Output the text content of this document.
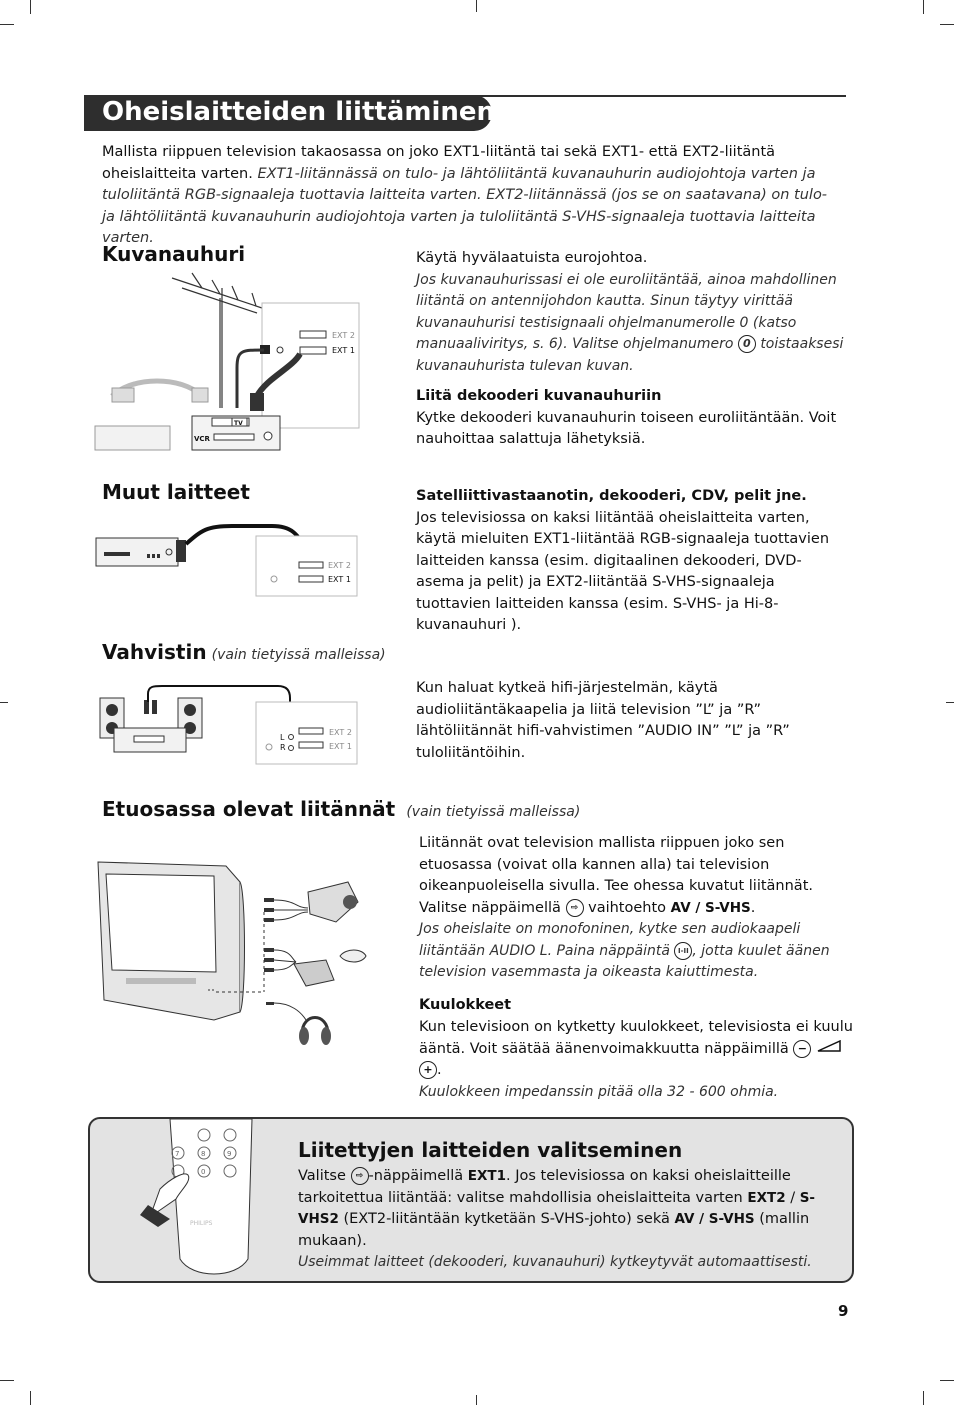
Oheislaitteiden liittäminen
Mallista riippuen television takaosassa on joko EXT1-liitäntä tai sekä EXT1- että EXT2-liitäntä oheislaitteita varten. EXT1-liitännässä on tulo- ja lähtöliitäntä kuvanauhurin audiojohtoja varten ja tuloliitäntä RGB-signaaleja tuottavia laitteita varten. EXT2-liitännässä (jos se on saatavana) on tulo- ja lähtöliitäntä kuvanauhurin audiojohtoja varten ja tuloliitäntä S-VHS-signaaleja tuottavia laitteita varten.
Kuvanauhuri
EXT 2
EXT 1
VCR
TV
Käytä hyvälaatuista eurojohtoa.
Jos kuvanauhurissasi ei ole euroliitäntää, ainoa mahdollinen liitäntä on antennijohdon kautta. Sinun täytyy virittää kuvanauhurisi testisignaali ohjelmanumerolle 0 (katso manuaaliviritys, s. 6). Valitse ohjelmanumero 0 toistaaksesi kuvanauhurista tulevan kuvan.
Liitä dekooderi kuvanauhuriin
Kytke dekooderi kuvanauhurin toiseen euroliitäntään. Voit nauhoittaa salattuja lähetyksiä.
Muut laitteet
EXT 2
EXT 1
Satelliittivastaanotin, dekooderi, CDV, pelit jne.
Jos televisiossa on kaksi liitäntää oheislaitteita varten, käytä mieluiten EXT1-liitäntää RGB-signaaleja tuottavien laitteiden kanssa (esim. digitaalinen dekooderi, DVD-asema ja pelit) ja EXT2-liitäntää S-VHS-signaaleja tuottavien laitteiden kanssa (esim. S-VHS- ja Hi-8-kuvanauhuri ).
Vahvistin (vain tietyissä malleissa)
L
R
EXT 2
EXT 1
Kun haluat kytkeä hifi-järjestelmän, käytä audioliitäntäkaapelia ja liitä television ”L” ja ”R” lähtöliitännät hifi-vahvistimen ”AUDIO IN” ”L” ja ”R” tuloliitäntöihin.
Etuosassa olevat liitännät (vain tietyissä malleissa)
Liitännät ovat television mallista riippuen joko sen etuosassa (voivat olla kannen alla) tai television oikeanpuoleisella sivulla. Tee ohessa kuvatut liitännät.
Valitse näppäimellä ⇨ vaihtoehto AV / S-VHS.
Jos oheislaite on monofoninen, kytke sen audiokaapeli liitäntään AUDIO L. Paina näppäintä I-II , jotta kuulet äänen television vasemmasta ja oikeasta kaiuttimesta.
Kuulokkeet
Kun televisioon on kytketty kuulokkeet, televisiosta ei kuulu ääntä. Voit säätää äänenvoimakkuutta näppäimillä −  + .
Kuulokkeen impedanssin pitää olla 32 - 600 ohmia.
7	8	9
0
PHILIPS
Liitettyjen laitteiden valitseminen
Valitse ⇨ -näppäimellä EXT1. Jos televisiossa on kaksi oheislaitteille tarkoitettua liitäntää: valitse mahdollisia oheislaitteita varten EXT2 / S-VHS2 (EXT2-liitäntään kytketään S-VHS-johto) sekä AV / S-VHS (mallin mukaan).
Useimmat laitteet (dekooderi, kuvanauhuri) kytkeytyvät automaattisesti.
9
